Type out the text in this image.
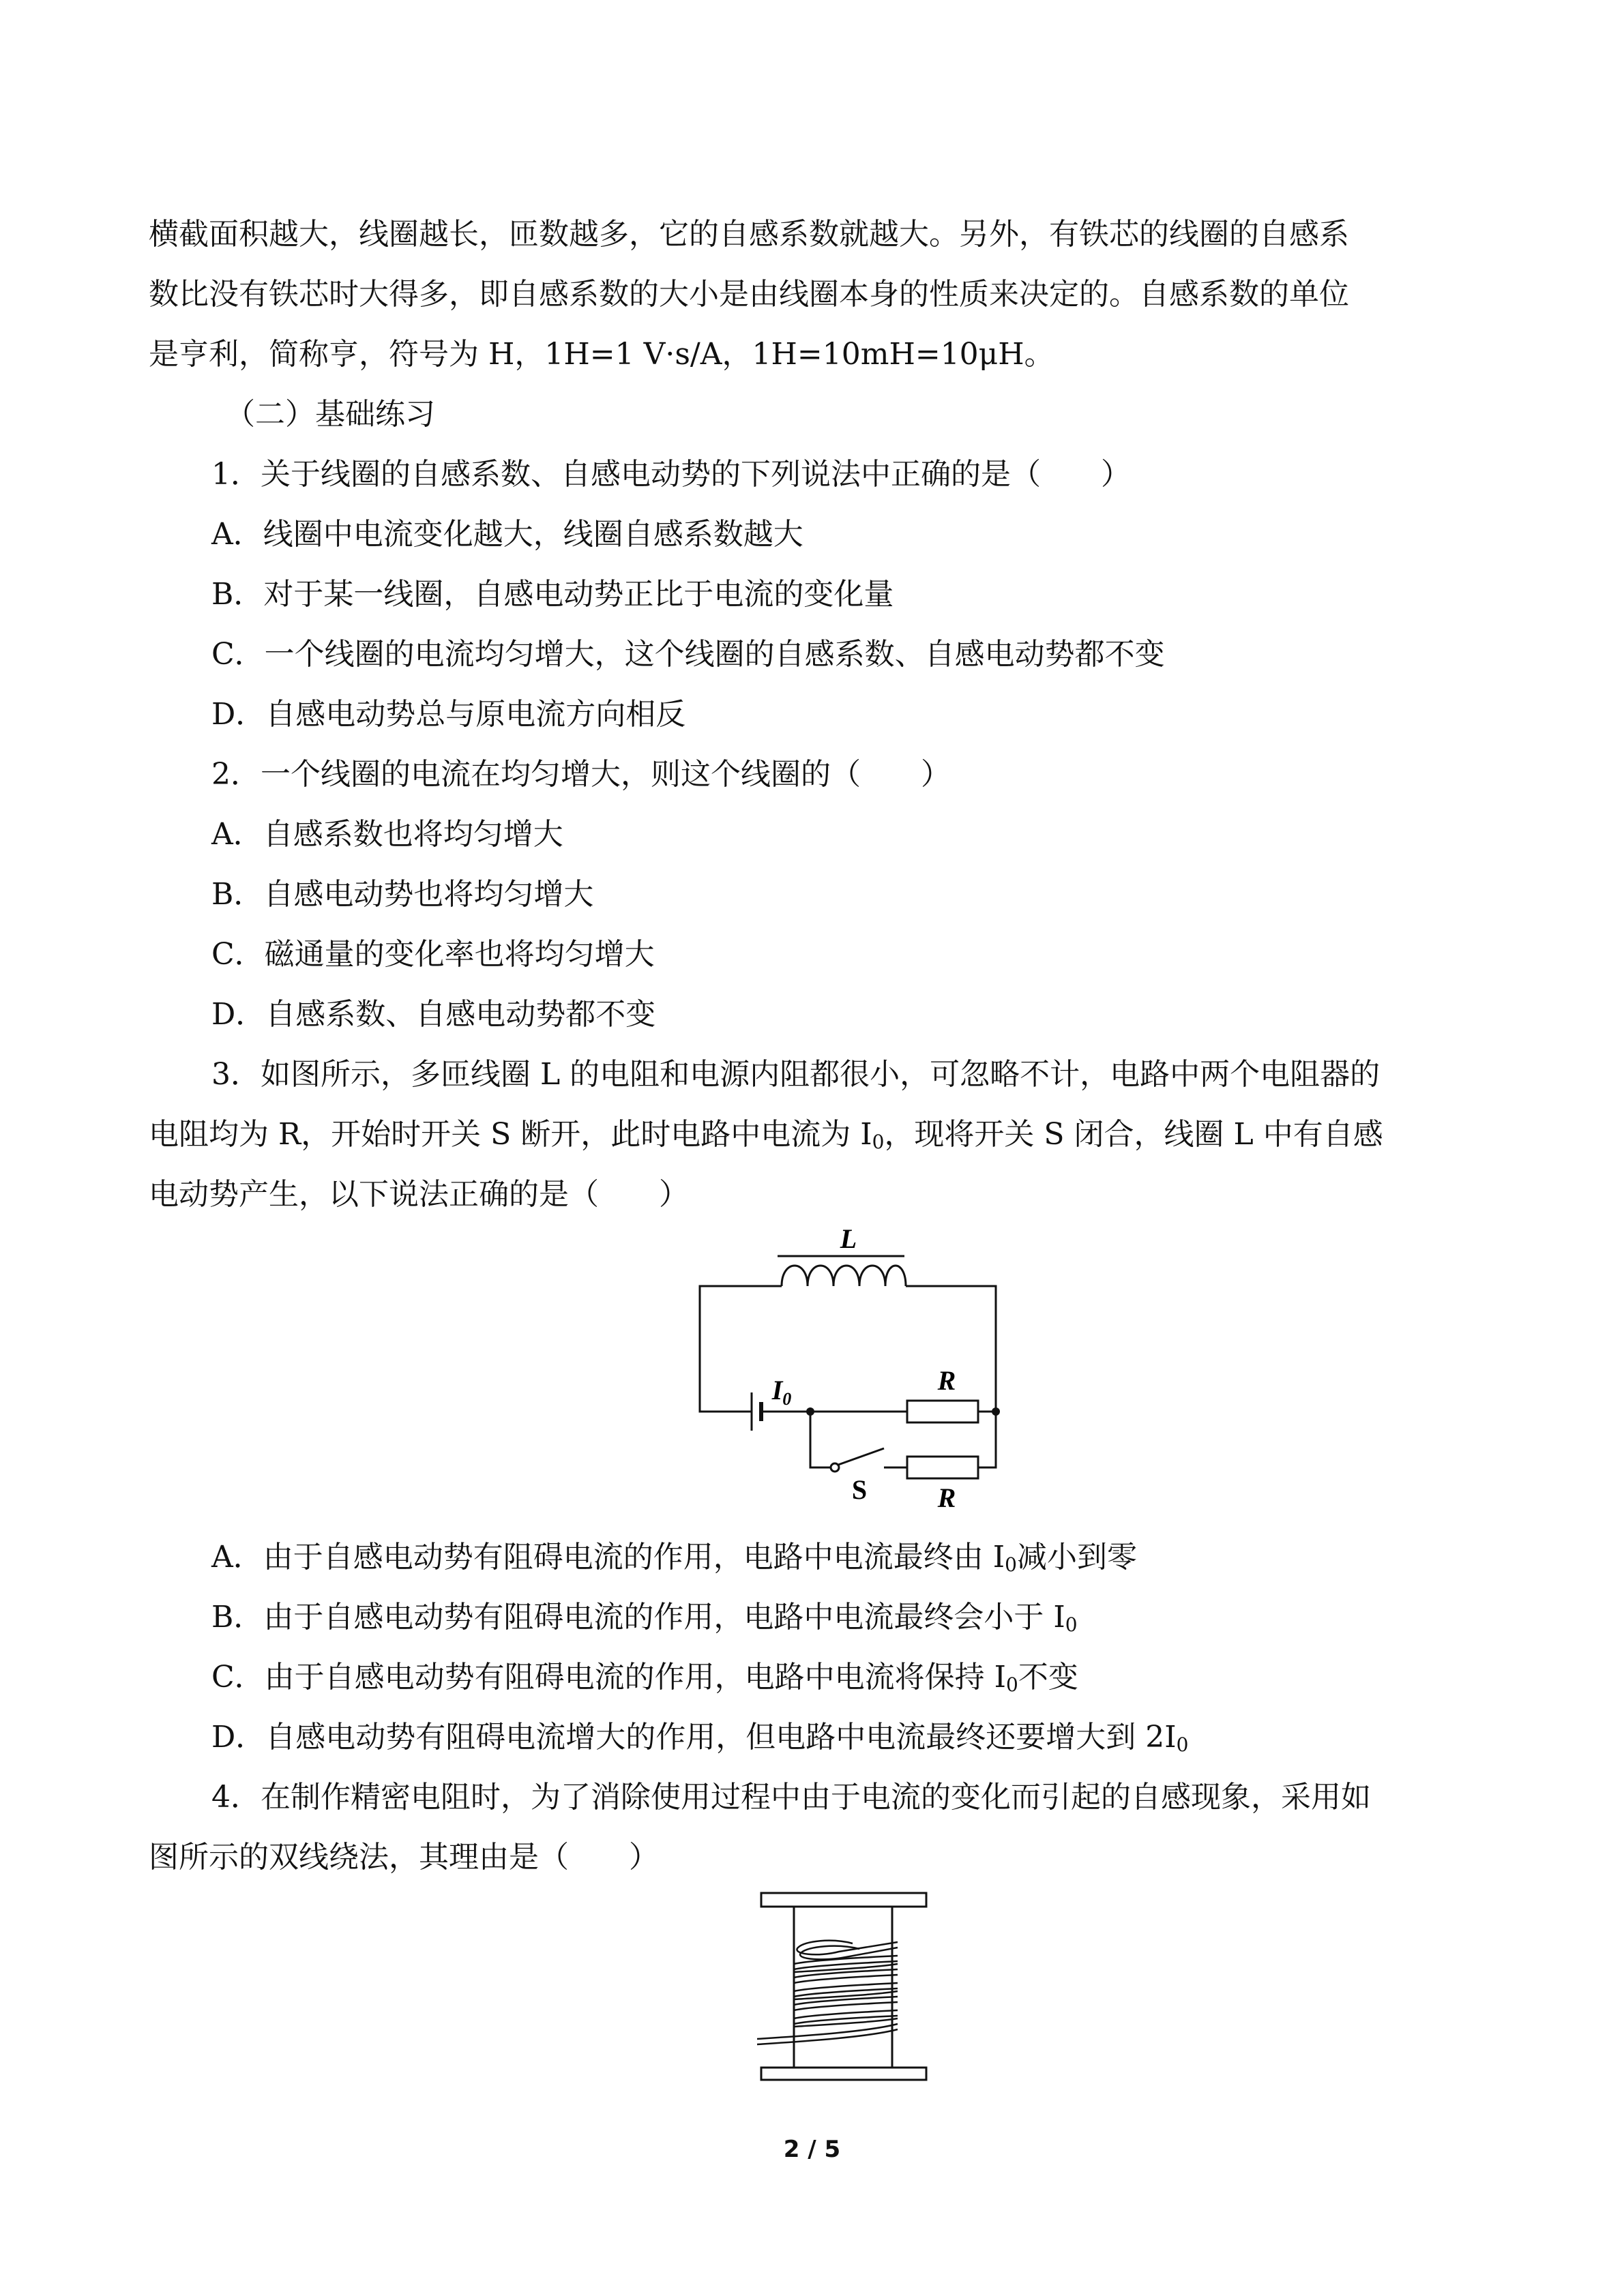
横截面积越大，线圈越长，匝数越多，它的自感系数就越大。另外，有铁芯的线圈的自感系
数比没有铁芯时大得多，即自感系数的大小是由线圈本身的性质来决定的。自感系数的单位
是亨利，简称亨，符号为 H，1H=1 V·s/A，1H=10mH=10μH。
（二）基础练习
1．关于线圈的自感系数、自感电动势的下列说法中正确的是（　　）
A．线圈中电流变化越大，线圈自感系数越大
B．对于某一线圈，自感电动势正比于电流的变化量
C．一个线圈的电流均匀增大，这个线圈的自感系数、自感电动势都不变
D．自感电动势总与原电流方向相反
2．一个线圈的电流在均匀增大，则这个线圈的（　　）
A．自感系数也将均匀增大
B．自感电动势也将均匀增大
C．磁通量的变化率也将均匀增大
D．自感系数、自感电动势都不变
3．如图所示，多匝线圈 L 的电阻和电源内阻都很小，可忽略不计，电路中两个电阻器的
电阻均为 R，开始时开关 S 断开，此时电路中电流为 $I_0$，现将开关 S 闭合，线圈 L 中有自感
电动势产生，以下说法正确的是（　　）
L
$I_0$
R
S	R
A．由于自感电动势有阻碍电流的作用，电路中电流最终由 $I_0$减小到零
B．由于自感电动势有阻碍电流的作用，电路中电流最终会小于 $I_0$
C．由于自感电动势有阻碍电流的作用，电路中电流将保持 $I_0$不变
D．自感电动势有阻碍电流增大的作用，但电路中电流最终还要增大到 $2I_0$
4．在制作精密电阻时，为了消除使用过程中由于电流的变化而引起的自感现象，采用如
图所示的双线绕法，其理由是（　　）
2 / 5
